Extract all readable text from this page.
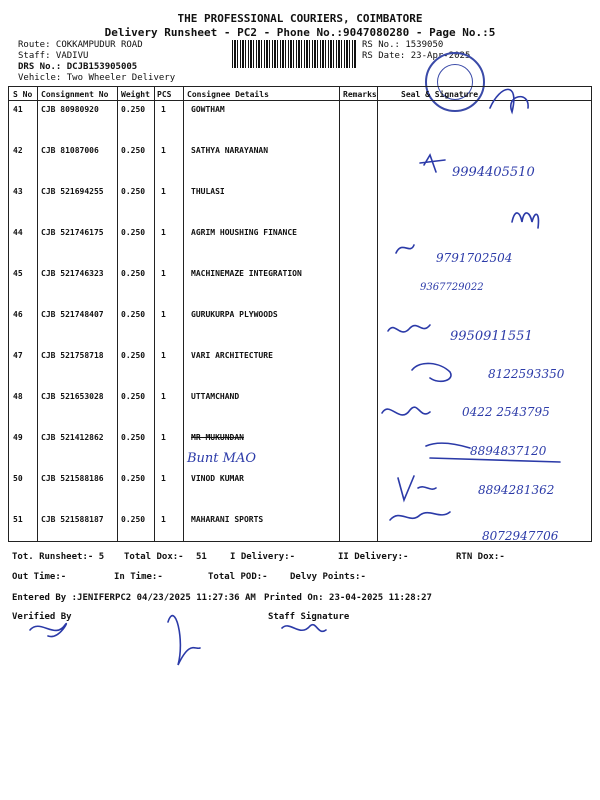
THE PROFESSIONAL COURIERS, COIMBATORE
Delivery Runsheet - PC2 - Phone No.:9047080280 - Page No.:5
Route: COKKAMPUDUR ROAD
Staff: VADIVU
DRS No.: DCJB153905005
Vehicle: Two Wheeler Delivery
RS No.: 1539050
RS Date: 23-Apr-2025
S No Consignment No Weight PCS Consignee Details	Remarks	Seal & Signature
41 CJB 80980920	0.250 1	GOWTHAM
42 CJB 81087006	0.250 1	SATHYA NARAYANAN
43 CJB 521694255 0.250 1	THULASI
44 CJB 521746175 0.250 1	AGRIM HOUSHING FINANCE
45 CJB 521746323 0.250 1	MACHINEMAZE INTEGRATION
46 CJB 521748407 0.250 1	GURUKURPA PLYWOODS
47 CJB 521758718 0.250 1	VARI ARCHITECTURE
48 CJB 521653028 0.250 1	UTTAMCHAND
49 CJB 521412862 0.250 1	MR MUKUNDAN
50 CJB 521588186 0.250 1	VINOD KUMAR
51 CJB 521588187 0.250 1	MAHARANI SPORTS
9994405510
9791702504
9367729022
9950911551
8122593350
0422 2543795
8894837120
Bunt MAO
8894281362
8072947706
Tot. Runsheet:- 5 Total Dox:- 51	I Delivery:-	II Delivery:-	RTN Dox:-
Out Time:-	In Time:-	Total POD:- Delvy Points:-
Entered By :JENIFERPC2 04/23/2025 11:27:36 AM Printed On: 23-04-2025 11:28:27
Verified By	Staff Signature
